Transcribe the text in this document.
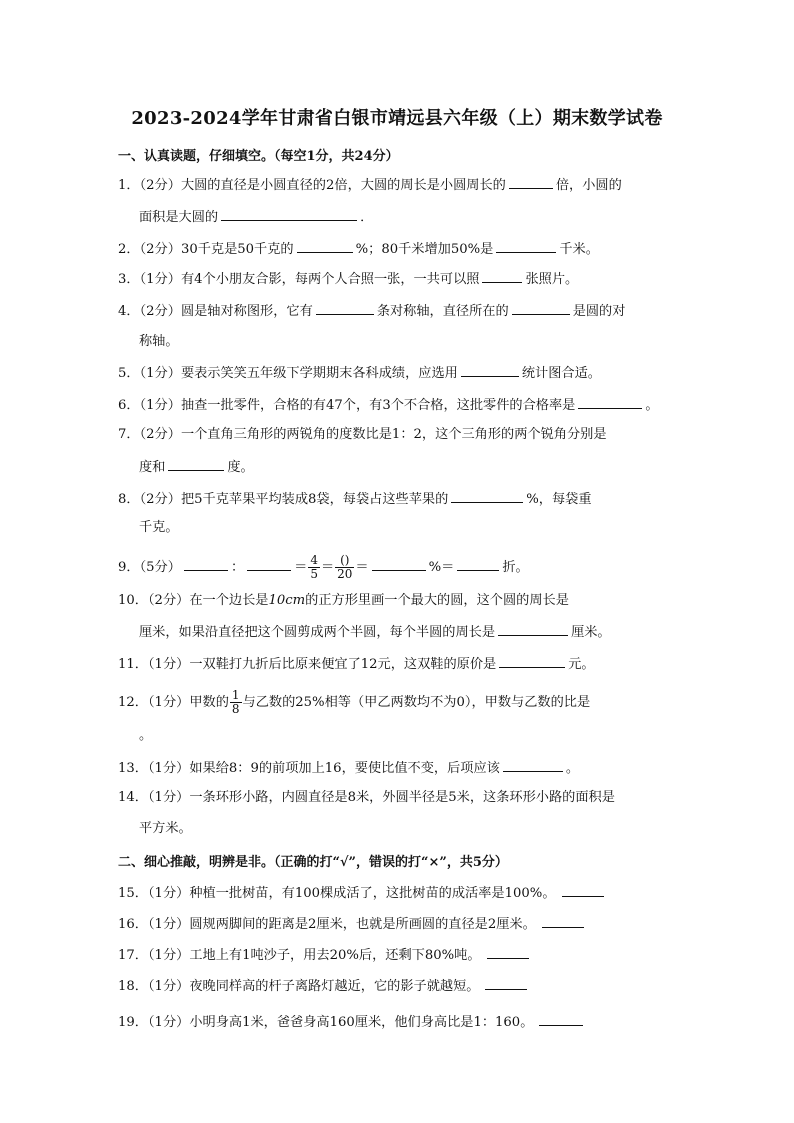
2023-2024学年甘肃省白银市靖远县六年级（上）期末数学试卷
一、认真读题，仔细填空。（每空1分，共24分）
1．（2分）大圆的直径是小圆直径的2倍，大圆的周长是小圆周长的	倍，小圆的
面积是大圆的	．
2．（2分）30千克是50千克的	%；80千米增加50%是	千米。
3．（1分）有4个小朋友合影，每两个人合照一张，一共可以照	张照片。
4．（2分）圆是轴对称图形，它有	条对称轴，直径所在的	是圆的对
称轴。
5．（1分）要表示笑笑五年级下学期期末各科成绩，应选用	统计图合适。
6．（1分）抽查一批零件，合格的有47个，有3个不合格，这批零件的合格率是	。
7．（2分）一个直角三角形的两锐角的度数比是1：2，这个三角形的两个锐角分别是
度和	度。
8．（2分）把5千克苹果平均装成8袋，每袋占这些苹果的	%，每袋重
千克。
9．（5分）	：	＝ $\frac{4}{5} = \frac{()}{20}$ ＝	%＝	折。
10．（2分）在一个边长是10cm的正方形里画一个最大的圆，这个圆的周长是
厘米，如果沿直径把这个圆剪成两个半圆，每个半圆的周长是	厘米。
11．（1分）一双鞋打九折后比原来便宜了12元，这双鞋的原价是	元。
12．（1分）甲数的 $\frac{1}{8}$ 与乙数的25%相等（甲乙两数均不为0），甲数与乙数的比是
。
13．（1分）如果给8：9的前项加上16，要使比值不变，后项应该	。
14．（1分）一条环形小路，内圆直径是8米，外圆半径是5米，这条环形小路的面积是
平方米。
二、细心推敲，明辨是非。（正确的打“√”，错误的打“×”，共5分）
15．（1分）种植一批树苗，有100棵成活了，这批树苗的成活率是100%。
16．（1分）圆规两脚间的距离是2厘米，也就是所画圆的直径是2厘米。
17．（1分）工地上有1吨沙子，用去20%后，还剩下80%吨。
18．（1分）夜晚同样高的杆子离路灯越近，它的影子就越短。
19．（1分）小明身高1米，爸爸身高160厘米，他们身高比是1：160。
